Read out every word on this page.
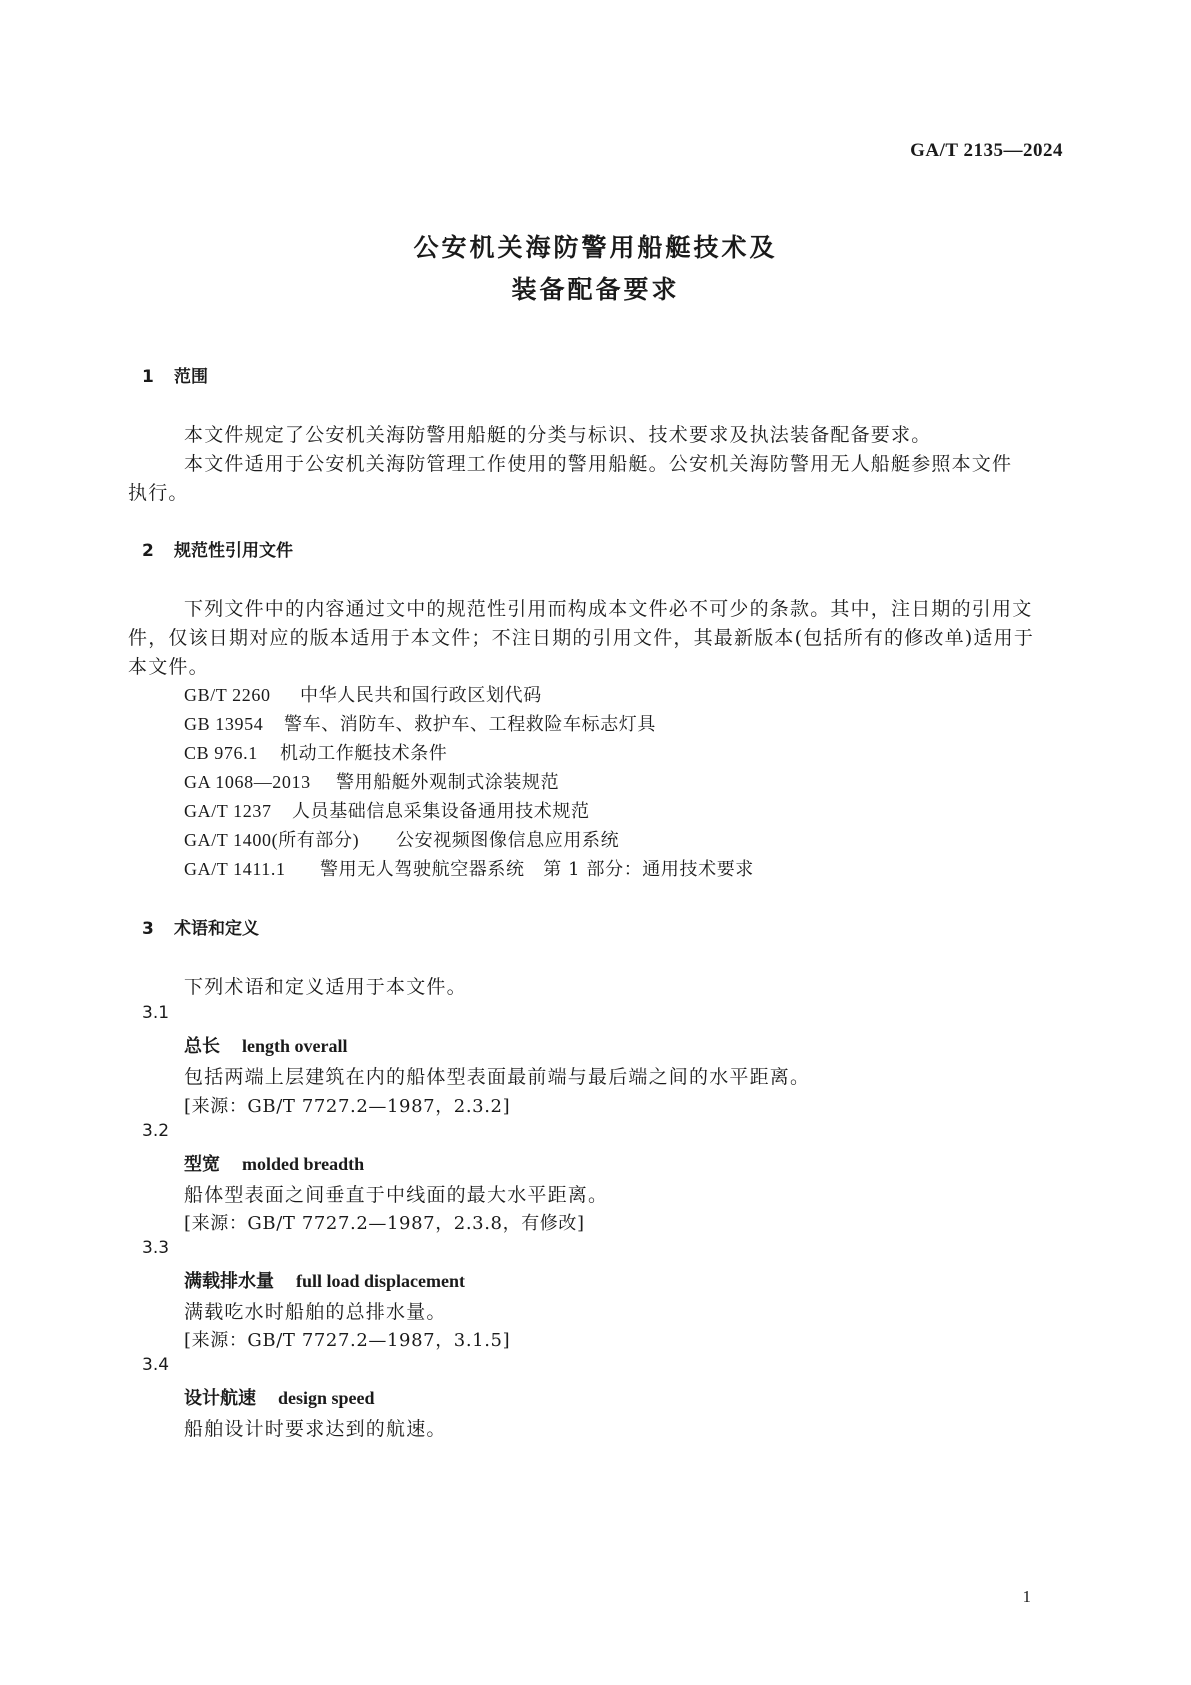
GA/T 2135—2024
公安机关海防警用船艇技术及
装备配备要求
1 范围
本文件规定了公安机关海防警用船艇的分类与标识、技术要求及执法装备配备要求。
本文件适用于公安机关海防管理工作使用的警用船艇。公安机关海防警用无人船艇参照本文件
执行。
2 规范性引用文件
下列文件中的内容通过文中的规范性引用而构成本文件必不可少的条款。其中，注日期的引用文
件，仅该日期对应的版本适用于本文件；不注日期的引用文件，其最新版本(包括所有的修改单)适用于
本文件。
GB/T 2260 中华人民共和国行政区划代码
GB 13954 警车、消防车、救护车、工程救险车标志灯具
CB 976.1 机动工作艇技术条件
GA 1068—2013 警用船艇外观制式涂装规范
GA/T 1237 人员基础信息采集设备通用技术规范
GA/T 1400(所有部分) 公安视频图像信息应用系统
GA/T 1411.1 警用无人驾驶航空器系统　第 1 部分：通用技术要求
3 术语和定义
下列术语和定义适用于本文件。
3.1
总长 length overall
包括两端上层建筑在内的船体型表面最前端与最后端之间的水平距离。
[来源：GB/T 7727.2—1987，2.3.2]
3.2
型宽 molded breadth
船体型表面之间垂直于中线面的最大水平距离。
[来源：GB/T 7727.2—1987，2.3.8，有修改]
3.3
满载排水量 full load displacement
满载吃水时船舶的总排水量。
[来源：GB/T 7727.2—1987，3.1.5]
3.4
设计航速 design speed
船舶设计时要求达到的航速。
1
